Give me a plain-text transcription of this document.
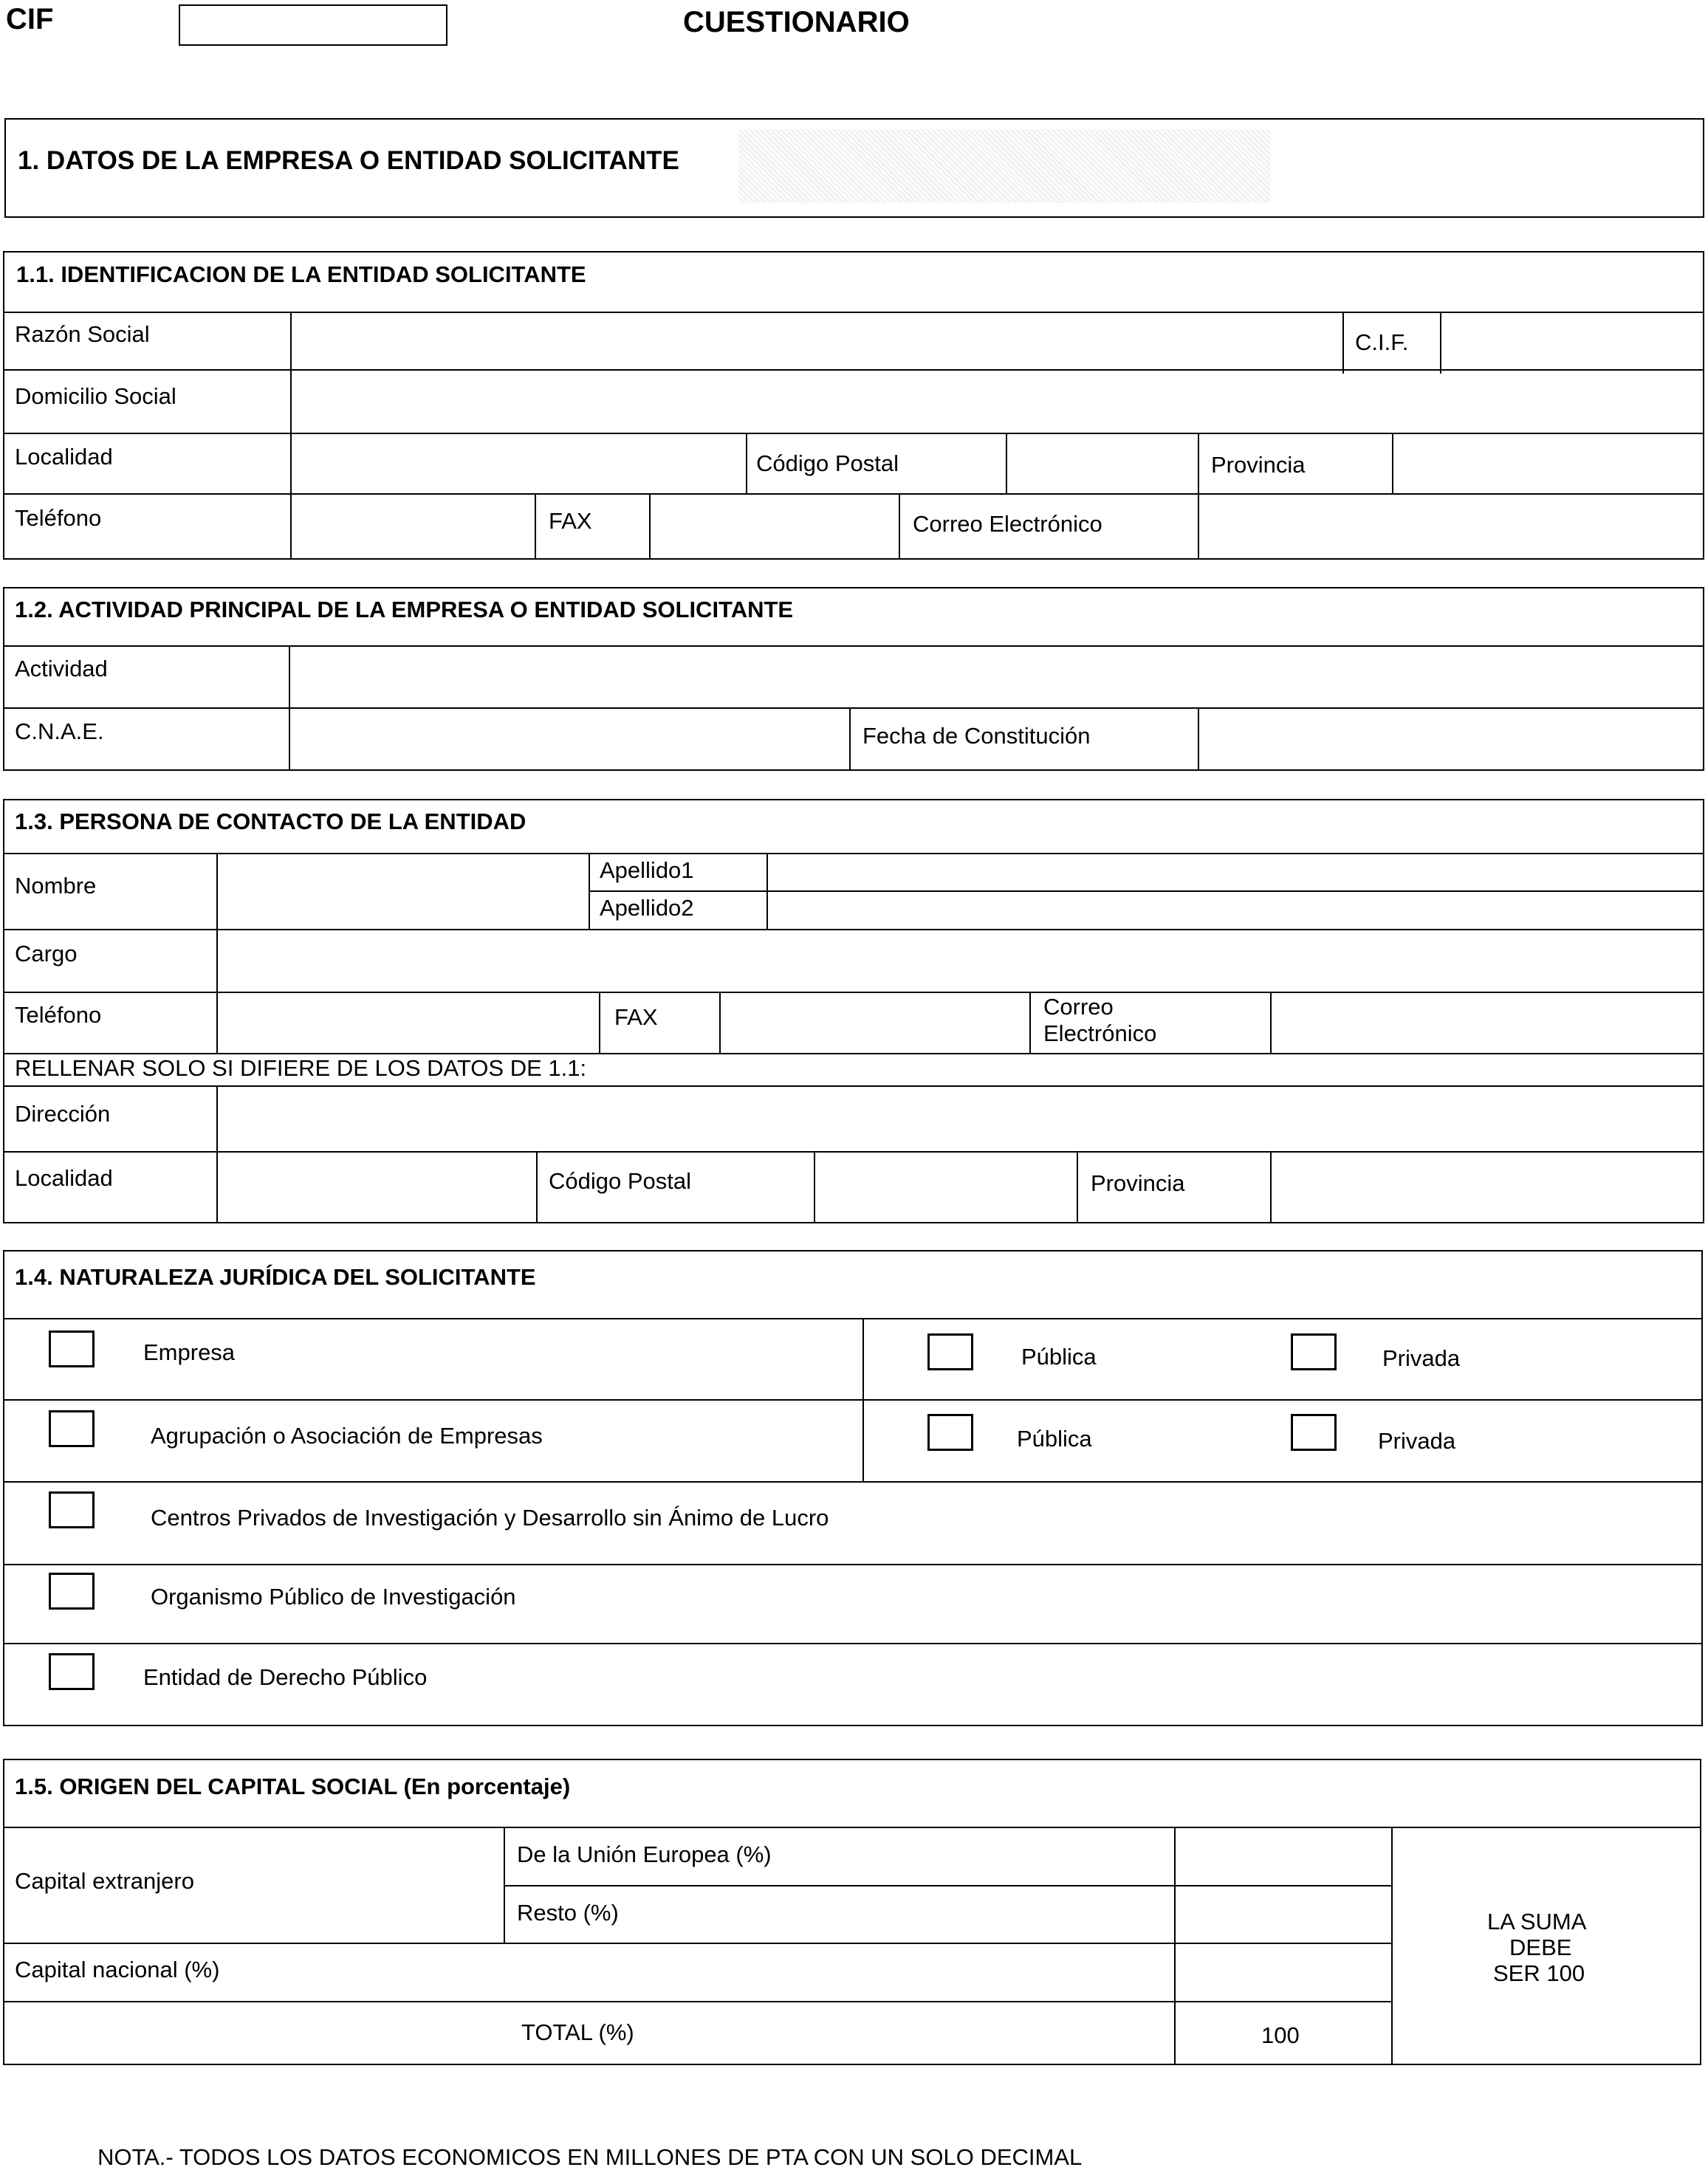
CIF	CUESTIONARIO
1. DATOS DE LA EMPRESA O ENTIDAD SOLICITANTE
1.1. IDENTIFICACION DE LA ENTIDAD SOLICITANTE
Razón Social	C.I.F.
Domicilio Social
Localidad	Código Postal	Provincia
Teléfono	FAX	Correo Electrónico
1.2. ACTIVIDAD PRINCIPAL DE LA EMPRESA O ENTIDAD SOLICITANTE
Actividad
C.N.A.E.	Fecha de Constitución
1.3. PERSONA DE CONTACTO DE LA ENTIDAD
Nombre
Apellido1
Apellido2
Cargo
Teléfono	FAX	Correo
Electrónico
RELLENAR SOLO SI DIFIERE DE LOS DATOS DE 1.1:
Dirección
Localidad	Código Postal	Provincia
1.4. NATURALEZA JURÍDICA DEL SOLICITANTE
Empresa	Pública	Privada
Agrupación o Asociación de Empresas	Pública	Privada
Centros Privados de Investigación y Desarrollo sin Ánimo de Lucro
Organismo Público de Investigación
Entidad de Derecho Público
1.5. ORIGEN DEL CAPITAL SOCIAL (En porcentaje)
Capital extranjero
De la Unión Europea (%)
Resto (%)
Capital nacional (%)
TOTAL (%)	100
LA SUMA
DEBE
SER 100
NOTA.- TODOS LOS DATOS ECONOMICOS EN MILLONES DE PTA CON UN SOLO DECIMAL
